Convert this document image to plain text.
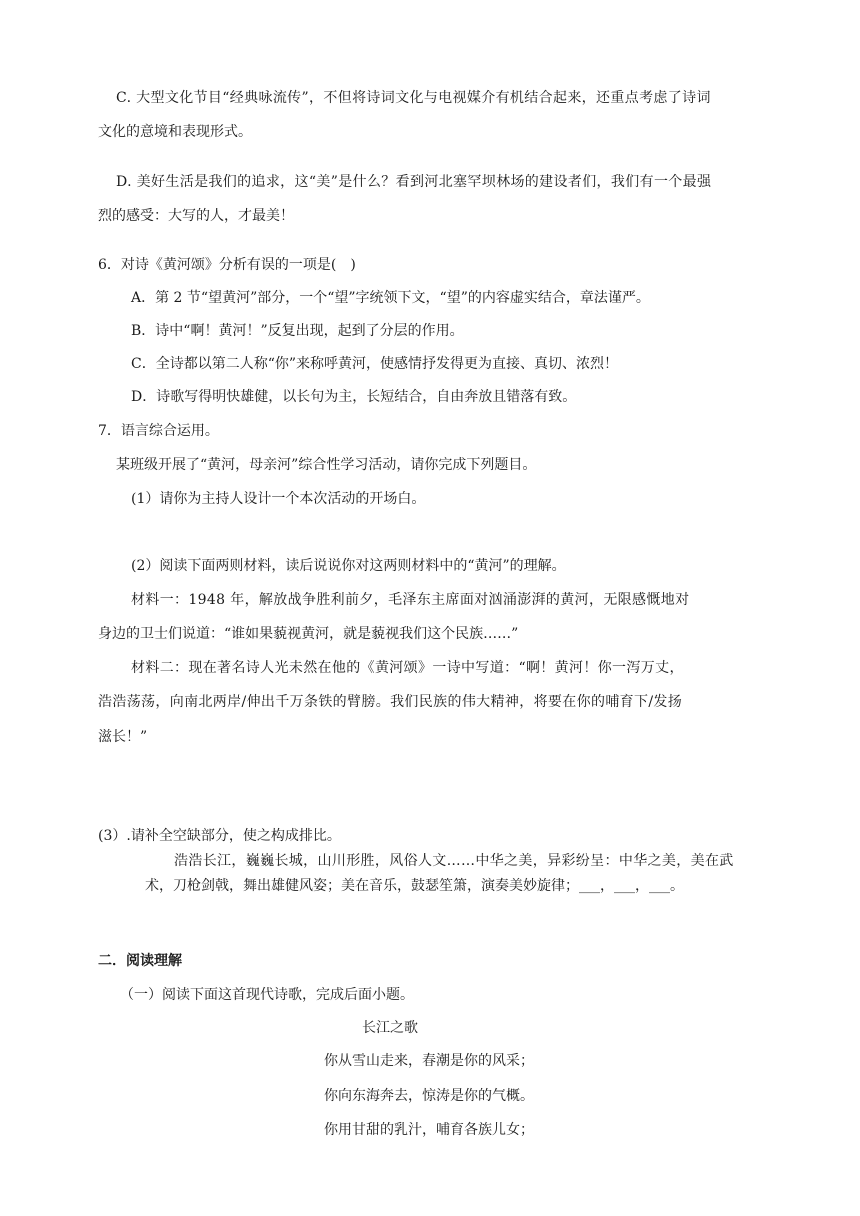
C. 大型文化节目“经典咏流传”，不但将诗词文化与电视媒介有机结合起来，还重点考虑了诗词
文化的意境和表现形式。
D. 美好生活是我们的追求，这“美”是什么？看到河北塞罕坝林场的建设者们，我们有一个最强
烈的感受：大写的人，才最美！
6．对诗《黄河颂》分析有误的一项是(　)
A．第 2 节“望黄河”部分，一个“望”字统领下文，“望”的内容虚实结合，章法谨严。
B．诗中“啊！黄河！”反复出现，起到了分层的作用。
C．全诗都以第二人称“你”来称呼黄河，使感情抒发得更为直接、真切、浓烈！
D．诗歌写得明快雄健，以长句为主，长短结合，自由奔放且错落有致。
7．语言综合运用。
某班级开展了“黄河，母亲河”综合性学习活动，请你完成下列题目。
(1）请你为主持人设计一个本次活动的开场白。
(2）阅读下面两则材料，读后说说你对这两则材料中的“黄河”的理解。
材料一：1948 年，解放战争胜利前夕，毛泽东主席面对汹涌澎湃的黄河，无限感慨地对
身边的卫士们说道：“谁如果藐视黄河，就是藐视我们这个民族……”
材料二：现在著名诗人光未然在他的《黄河颂》一诗中写道：“啊！黄河！你一泻万丈，
浩浩荡荡，向南北两岸/伸出千万条铁的臂膀。我们民族的伟大精神，将要在你的哺育下/发扬
滋长！”
(3）.请补全空缺部分，使之构成排比。
浩浩长江，巍巍长城，山川形胜，风俗人文……中华之美，异彩纷呈：中华之美，美在武
术，刀枪剑戟，舞出雄健风姿；美在音乐，鼓瑟笙箫，演奏美妙旋律；___，___，___。
二．阅读理解
（一）阅读下面这首现代诗歌，完成后面小题。
长江之歌
你从雪山走来，春潮是你的风采；
你向东海奔去，惊涛是你的气概。
你用甘甜的乳汁，哺育各族儿女；
